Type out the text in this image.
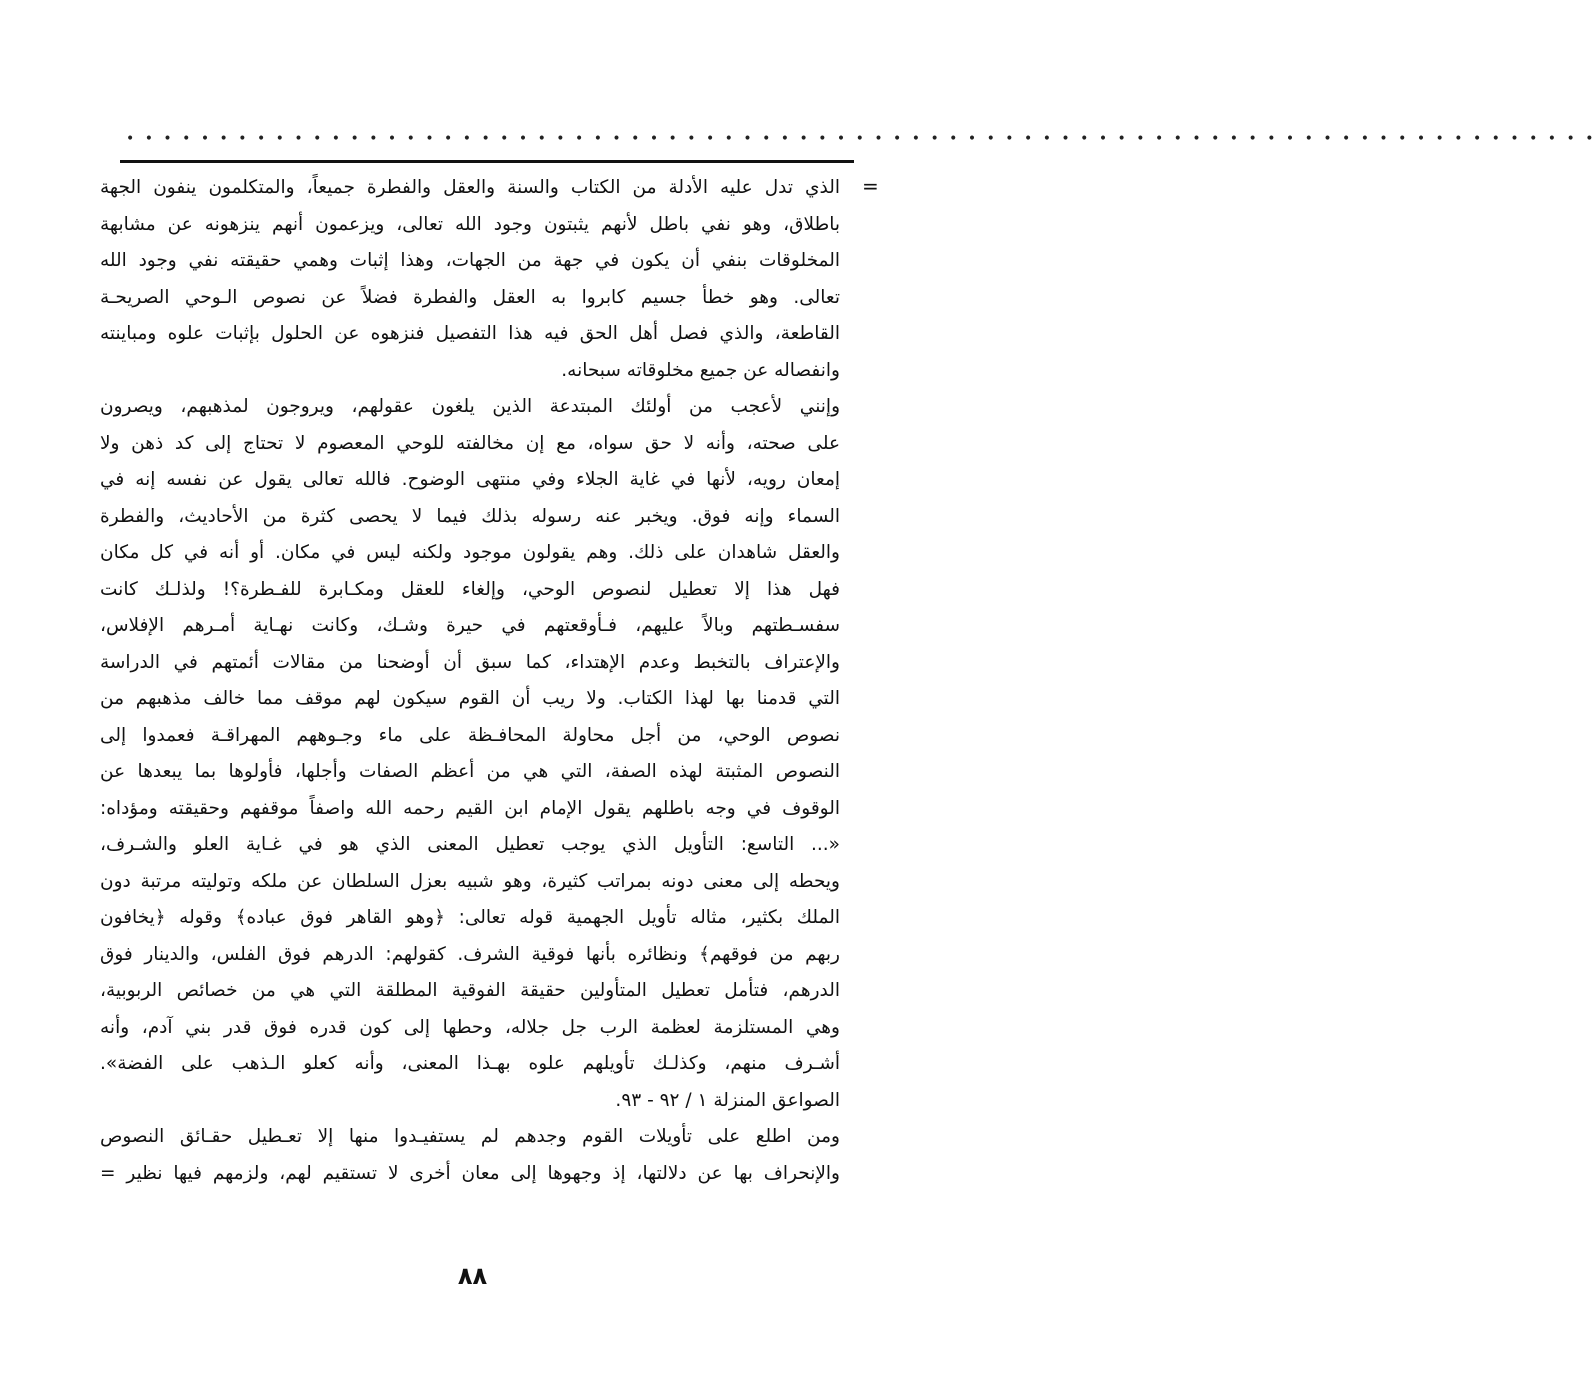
• • • • • • • • • • • • • • • • • • • • • • • • • • • • • • • • • • • • • • • • • • • • • • • • • • • • • • • • • • • • • • • • • • • • • • • • • • • • • • •
=
الذي تدل عليه الأدلة من الكتاب والسنة والعقل والفطرة جميعاً، والمتكلمون ينفون الجهة
باطلاق، وهو نفي باطل لأنهم يثبتون وجود الله تعالى، ويزعمون أنهم ينزهونه عن مشابهة
المخلوقات بنفي أن يكون في جهة من الجهات، وهذا إثبات وهمي حقيقته نفي وجود الله
تعالى. وهو خطأ جسيم كابروا به العقل والفطرة فضلاً عن نصوص الـوحي الصريحـة
القاطعة، والذي فصل أهل الحق فيه هذا التفصيل فنزهوه عن الحلول بإثبات علوه ومباينته
وانفصاله عن جميع مخلوقاته سبحانه.
وإنني لأعجب من أولئك المبتدعة الذين يلغون عقولهم، ويروجون لمذهبهم، ويصرون
على صحته، وأنه لا حق سواه، مع إن مخالفته للوحي المعصوم لا تحتاج إلى كد ذهن ولا
إمعان رويه، لأنها في غاية الجلاء وفي منتهى الوضوح. فالله تعالى يقول عن نفسه إنه في
السماء وإنه فوق. ويخبر عنه رسوله بذلك فيما لا يحصى كثرة من الأحاديث، والفطرة
والعقل شاهدان على ذلك. وهم يقولون موجود ولكنه ليس في مكان. أو أنه في كل مكان
فهل هذا إلا تعطيل لنصوص الوحي، وإلغاء للعقل ومكـابرة للفـطرة؟! ولذلـك كانت
سفسـطتهم وبالاً عليهم، فـأوقعتهم في حيرة وشـك، وكانت نهـاية أمـرهم الإفلاس،
والإعتراف بالتخبط وعدم الإهتداء، كما سبق أن أوضحنا من مقالات أئمتهم في الدراسة
التي قدمنا بها لهذا الكتاب. ولا ريب أن القوم سيكون لهم موقف مما خالف مذهبهم من
نصوص الوحي، من أجل محاولة المحافـظة على ماء وجـوههم المهراقـة فعمدوا إلى
النصوص المثبتة لهذه الصفة، التي هي من أعظم الصفات وأجلها، فأولوها بما يبعدها عن
الوقوف في وجه باطلهم يقول الإمام ابن القيم رحمه الله واصفاً موقفهم وحقيقته ومؤداه:
«... التاسع: التأويل الذي يوجب تعطيل المعنى الذي هو في غـاية العلو والشـرف،
ويحطه إلى معنى دونه بمراتب كثيرة، وهو شبيه بعزل السلطان عن ملكه وتوليته مرتبة دون
الملك بكثير، مثاله تأويل الجهمية قوله تعالى: ﴿وهو القاهر فوق عباده﴾ وقوله ﴿يخافون
ربهم من فوقهم﴾ ونظائره بأنها فوقية الشرف. كقولهم: الدرهم فوق الفلس، والدينار فوق
الدرهم، فتأمل تعطيل المتأولين حقيقة الفوقية المطلقة التي هي من خصائص الربوبية،
وهي المستلزمة لعظمة الرب جل جلاله، وحطها إلى كون قدره فوق قدر بني آدم، وأنه
أشـرف منهم، وكذلـك تأويلهم علوه بهـذا المعنى، وأنه كعلو الـذهب على الفضة».
الصواعق المنزلة ١ / ٩٢ - ٩٣.
ومن اطلع على تأويلات القوم وجدهم لم يستفيـدوا منها إلا تعـطيل حقـائق النصوص
والإنحراف بها عن دلالتها، إذ وجهوها إلى معان أخرى لا تستقيم لهم، ولزمهم فيها نظير =
٨٨
